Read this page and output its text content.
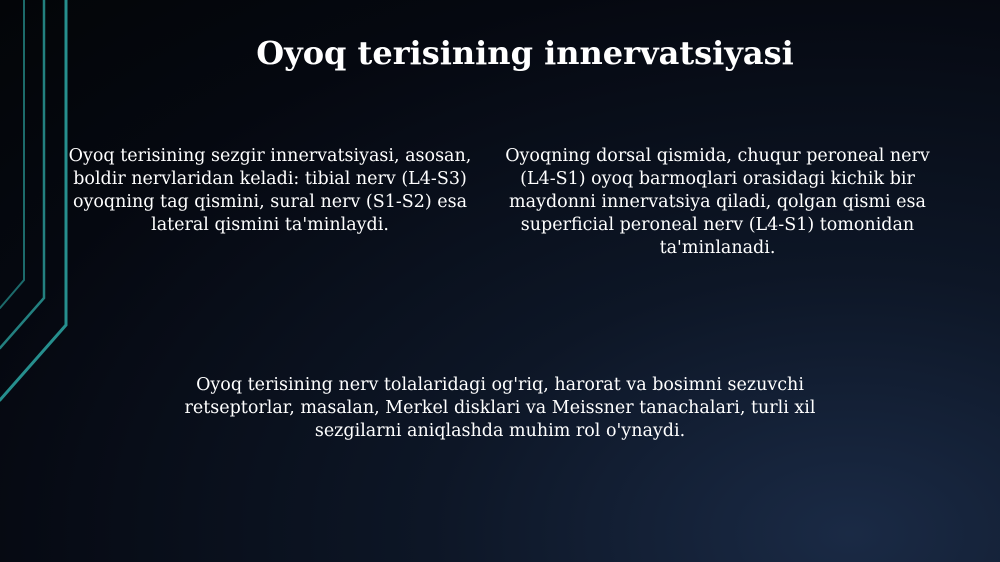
Oyoq terisining innervatsiyasi

Oyoq terisining sezgir innervatsiyasi, asosan, boldir nervlaridan keladi: tibial nerv (L4-S3) oyoqning tag qismini, sural nerv (S1-S2) esa lateral qismini ta'minlaydi.

Oyoqning dorsal qismida, chuqur peroneal nerv (L4-S1) oyoq barmoqlari orasidagi kichik bir maydonni innervatsiya qiladi, qolgan qismi esa superficial peroneal nerv (L4-S1) tomonidan ta'minlanadi.

Oyoq terisining nerv tolalaridagi og'riq, harorat va bosimni sezuvchi retseptorlar, masalan, Merkel disklari va Meissner tanachalari, turli xil sezgilarni aniqlashda muhim rol o'ynaydi.
